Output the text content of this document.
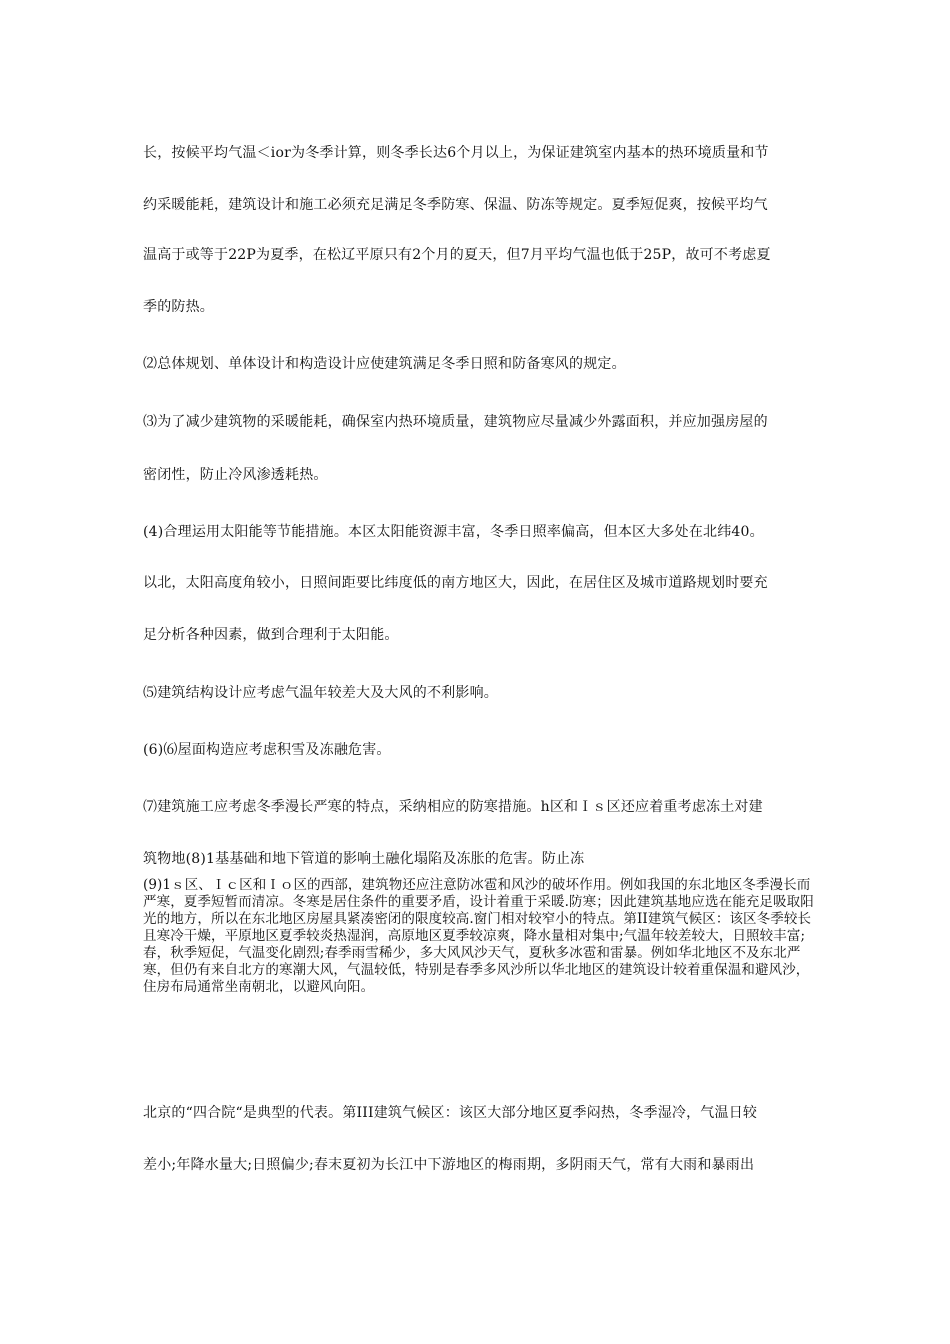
长，按候平均气温＜ior为冬季计算，则冬季长达6个月以上，为保证建筑室内基本的热环境质量和节
约采暖能耗，建筑设计和施工必须充足满足冬季防寒、保温、防冻等规定。夏季短促爽，按候平均气
温高于或等于22P为夏季，在松辽平原只有2个月的夏天，但7月平均气温也低于25P，故可不考虑夏
季的防热。
⑵总体规划、单体设计和构造设计应使建筑满足冬季日照和防备寒风的规定。
⑶为了减少建筑物的采暖能耗，确保室内热环境质量，建筑物应尽量减少外露面积，并应加强房屋的
密闭性，防止冷风渗透耗热。
(4)合理运用太阳能等节能措施。本区太阳能资源丰富，冬季日照率偏高，但本区大多处在北纬40。
以北，太阳高度角较小，日照间距要比纬度低的南方地区大，因此，在居住区及城市道路规划时要充
足分析各种因素，做到合理利于太阳能。
⑸建筑结构设计应考虑气温年较差大及大风的不利影响。
(6)⑹屋面构造应考虑积雪及冻融危害。
⑺建筑施工应考虑冬季漫长严寒的特点，采纳相应的防寒措施。h区和Ｉｓ区还应着重考虑冻土对建
筑物地(8)1基基础和地下管道的影响土融化塌陷及冻胀的危害。防止冻
(9)1ｓ区、Ｉｃ区和Ｉｏ区的西部，建筑物还应注意防冰雹和风沙的破坏作用。例如我国的东北地区冬季漫长而严寒，夏季短暂而清凉。冬寒是居住条件的重要矛盾，设计着重于采暖.防寒；因此建筑基地应选在能充足吸取阳光的地方，所以在东北地区房屋具紧凑密闭的限度较高.窗门相对较窄小的特点。第II建筑气候区：该区冬季较长且寒冷干燥，平原地区夏季较炎热湿润，高原地区夏季较凉爽，降水量相对集中;气温年较差较大，日照较丰富;春，秋季短促，气温变化剧烈;春季雨雪稀少，多大风风沙天气，夏秋多冰雹和雷暴。例如华北地区不及东北严寒，但仍有来自北方的寒潮大风，气温较低，特别是春季多风沙所以华北地区的建筑设计较着重保温和避风沙，住房布局通常坐南朝北，以避风向阳。
北京的“四合院“是典型的代表。第III建筑气候区：该区大部分地区夏季闷热，冬季湿冷，气温日较
差小;年降水量大;日照偏少;春末夏初为长江中下游地区的梅雨期，多阴雨天气，常有大雨和暴雨出
